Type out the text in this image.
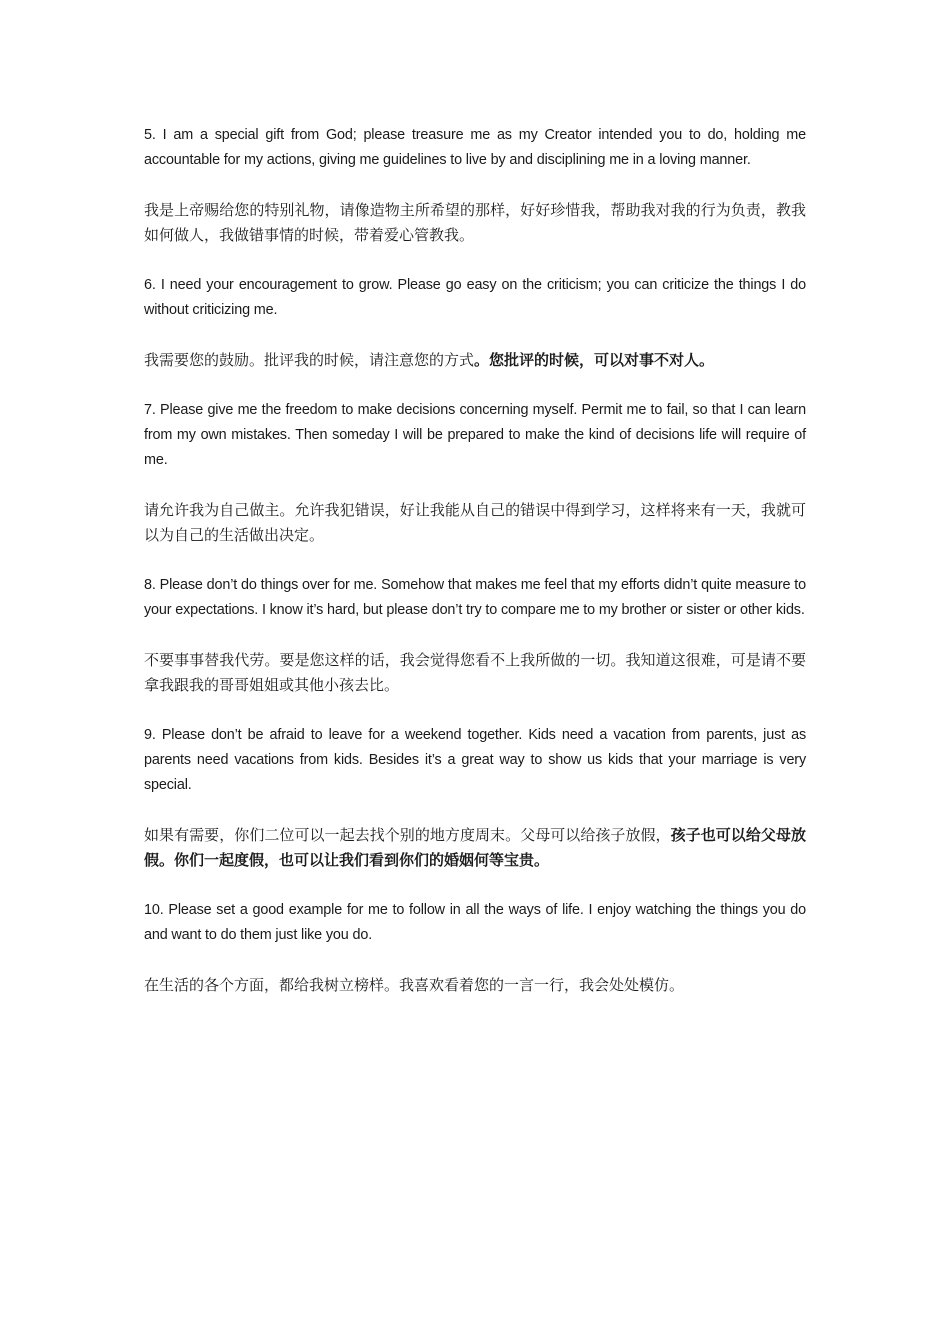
5. I am a special gift from God; please treasure me as my Creator intended you to do, holding me accountable for my actions, giving me guidelines to live by and disciplining me in a loving manner.

我是上帝赐给您的特别礼物，请像造物主所希望的那样，好好珍惜我，帮助我对我的行为负责，教我如何做人，我做错事情的时候，带着爱心管教我。

6. I need your encouragement to grow. Please go easy on the criticism; you can criticize the things I do without criticizing me.

我需要您的鼓励。批评我的时候，请注意您的方式。您批评的时候，可以对事不对人。

7. Please give me the freedom to make decisions concerning myself. Permit me to fail, so that I can learn from my own mistakes. Then someday I will be prepared to make the kind of decisions life will require of me.

请允许我为自己做主。允许我犯错误，好让我能从自己的错误中得到学习，这样将来有一天，我就可以为自己的生活做出决定。

8. Please don’t do things over for me. Somehow that makes me feel that my efforts didn’t quite measure to your expectations. I know it’s hard, but please don’t try to compare me to my brother or sister or other kids.

不要事事替我代劳。要是您这样的话，我会觉得您看不上我所做的一切。我知道这很难，可是请不要拿我跟我的哥哥姐姐或其他小孩去比。

9. Please don’t be afraid to leave for a weekend together. Kids need a vacation from parents, just as parents need vacations from kids. Besides it’s a great way to show us kids that your marriage is very special.

如果有需要，你们二位可以一起去找个别的地方度周末。父母可以给孩子放假，孩子也可以给父母放假。你们一起度假，也可以让我们看到你们的婚姻何等宝贵。

10. Please set a good example for me to follow in all the ways of life. I enjoy watching the things you do and want to do them just like you do.

在生活的各个方面，都给我树立榜样。我喜欢看着您的一言一行，我会处处模仿。
